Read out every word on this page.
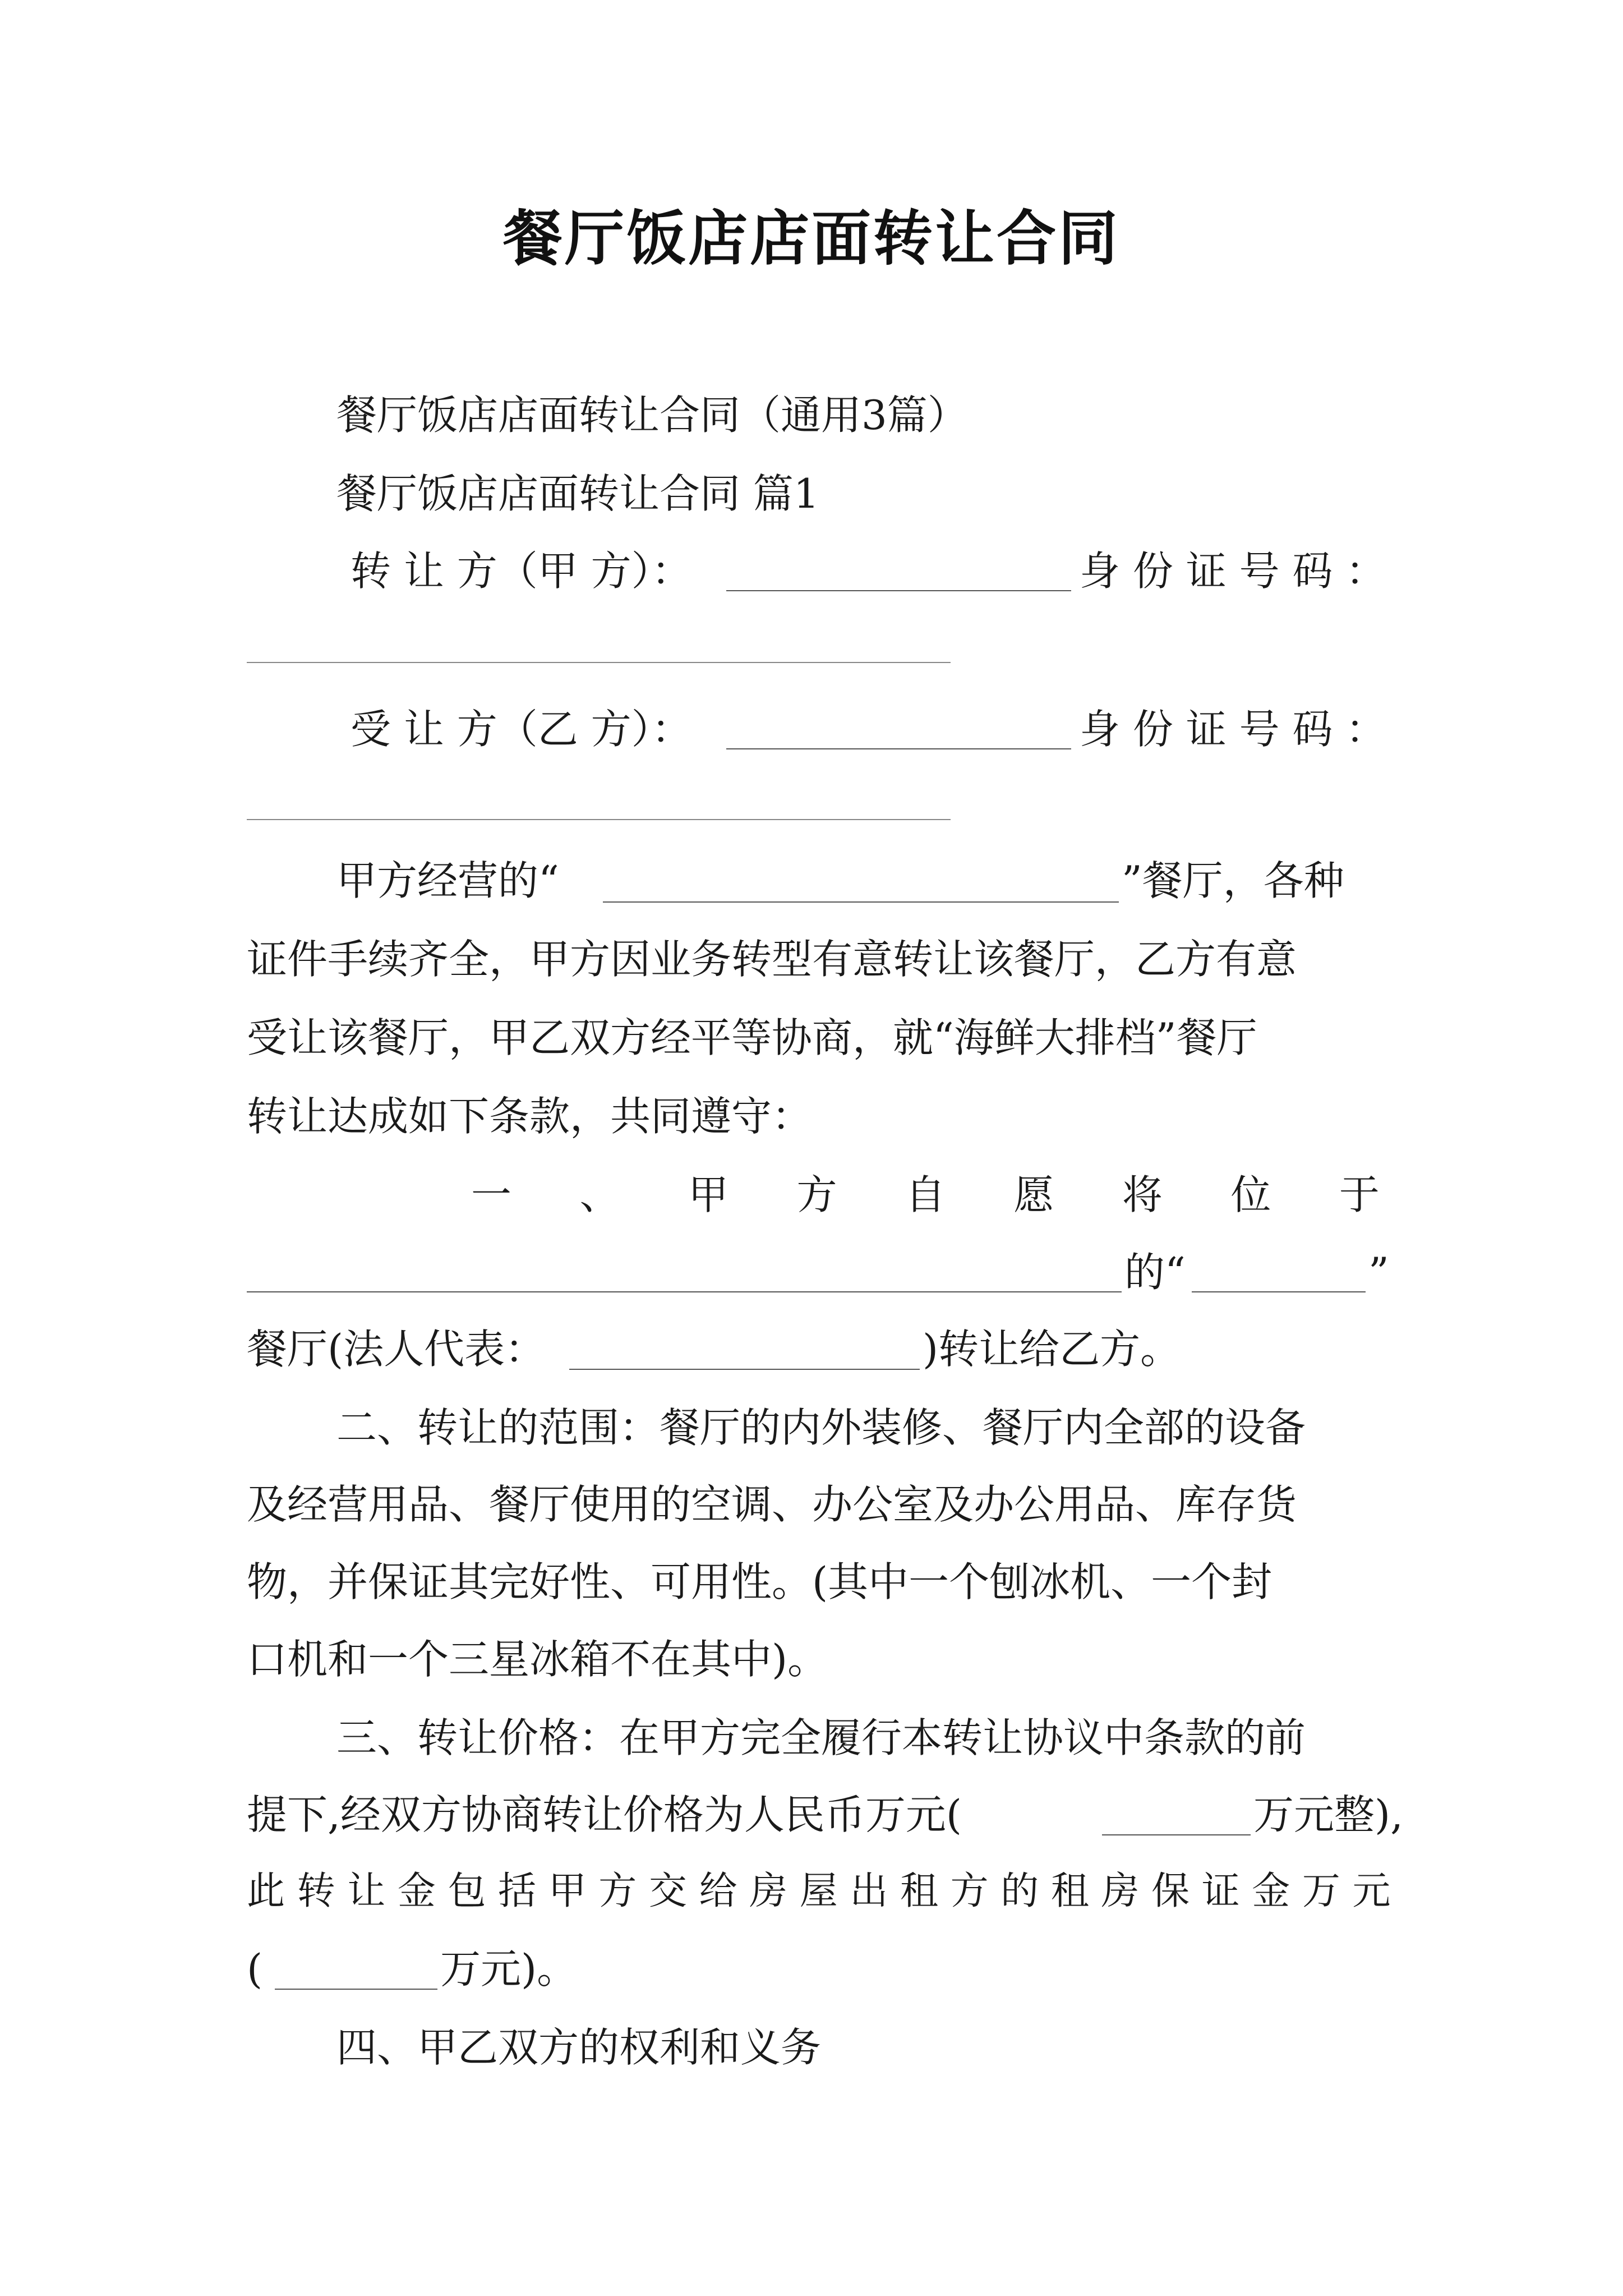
餐厅饭店店面转让合同
餐厅饭店店面转让合同（通用3篇）
餐厅饭店店面转让合同 篇1
转 让 方（甲 方）：	身 份 证 号 码 ：
受 让 方（乙 方）：	身 份 证 号 码 ：
甲方经营的“	”餐厅，各种
证件手续齐全，甲方因业务转型有意转让该餐厅，乙方有意
受让该餐厅，甲乙双方经平等协商，就“海鲜大排档”餐厅
转让达成如下条款，共同遵守：
一 、 甲 方 自 愿 将 位 于
的“	”
餐厅(法人代表：	)转让给乙方。
二、转让的范围：餐厅的内外装修、餐厅内全部的设备
及经营用品、餐厅使用的空调、办公室及办公用品、库存货
物，并保证其完好性、可用性。(其中一个刨冰机、一个封
口机和一个三星冰箱不在其中)。
三、转让价格：在甲方完全履行本转让协议中条款的前
提下,经双方协商转让价格为人民币万元(	万元整),
此 转 让 金 包 括 甲 方 交 给 房 屋 出 租 方 的 租 房 保 证 金 万 元
(	万元)。
四、甲乙双方的权利和义务
